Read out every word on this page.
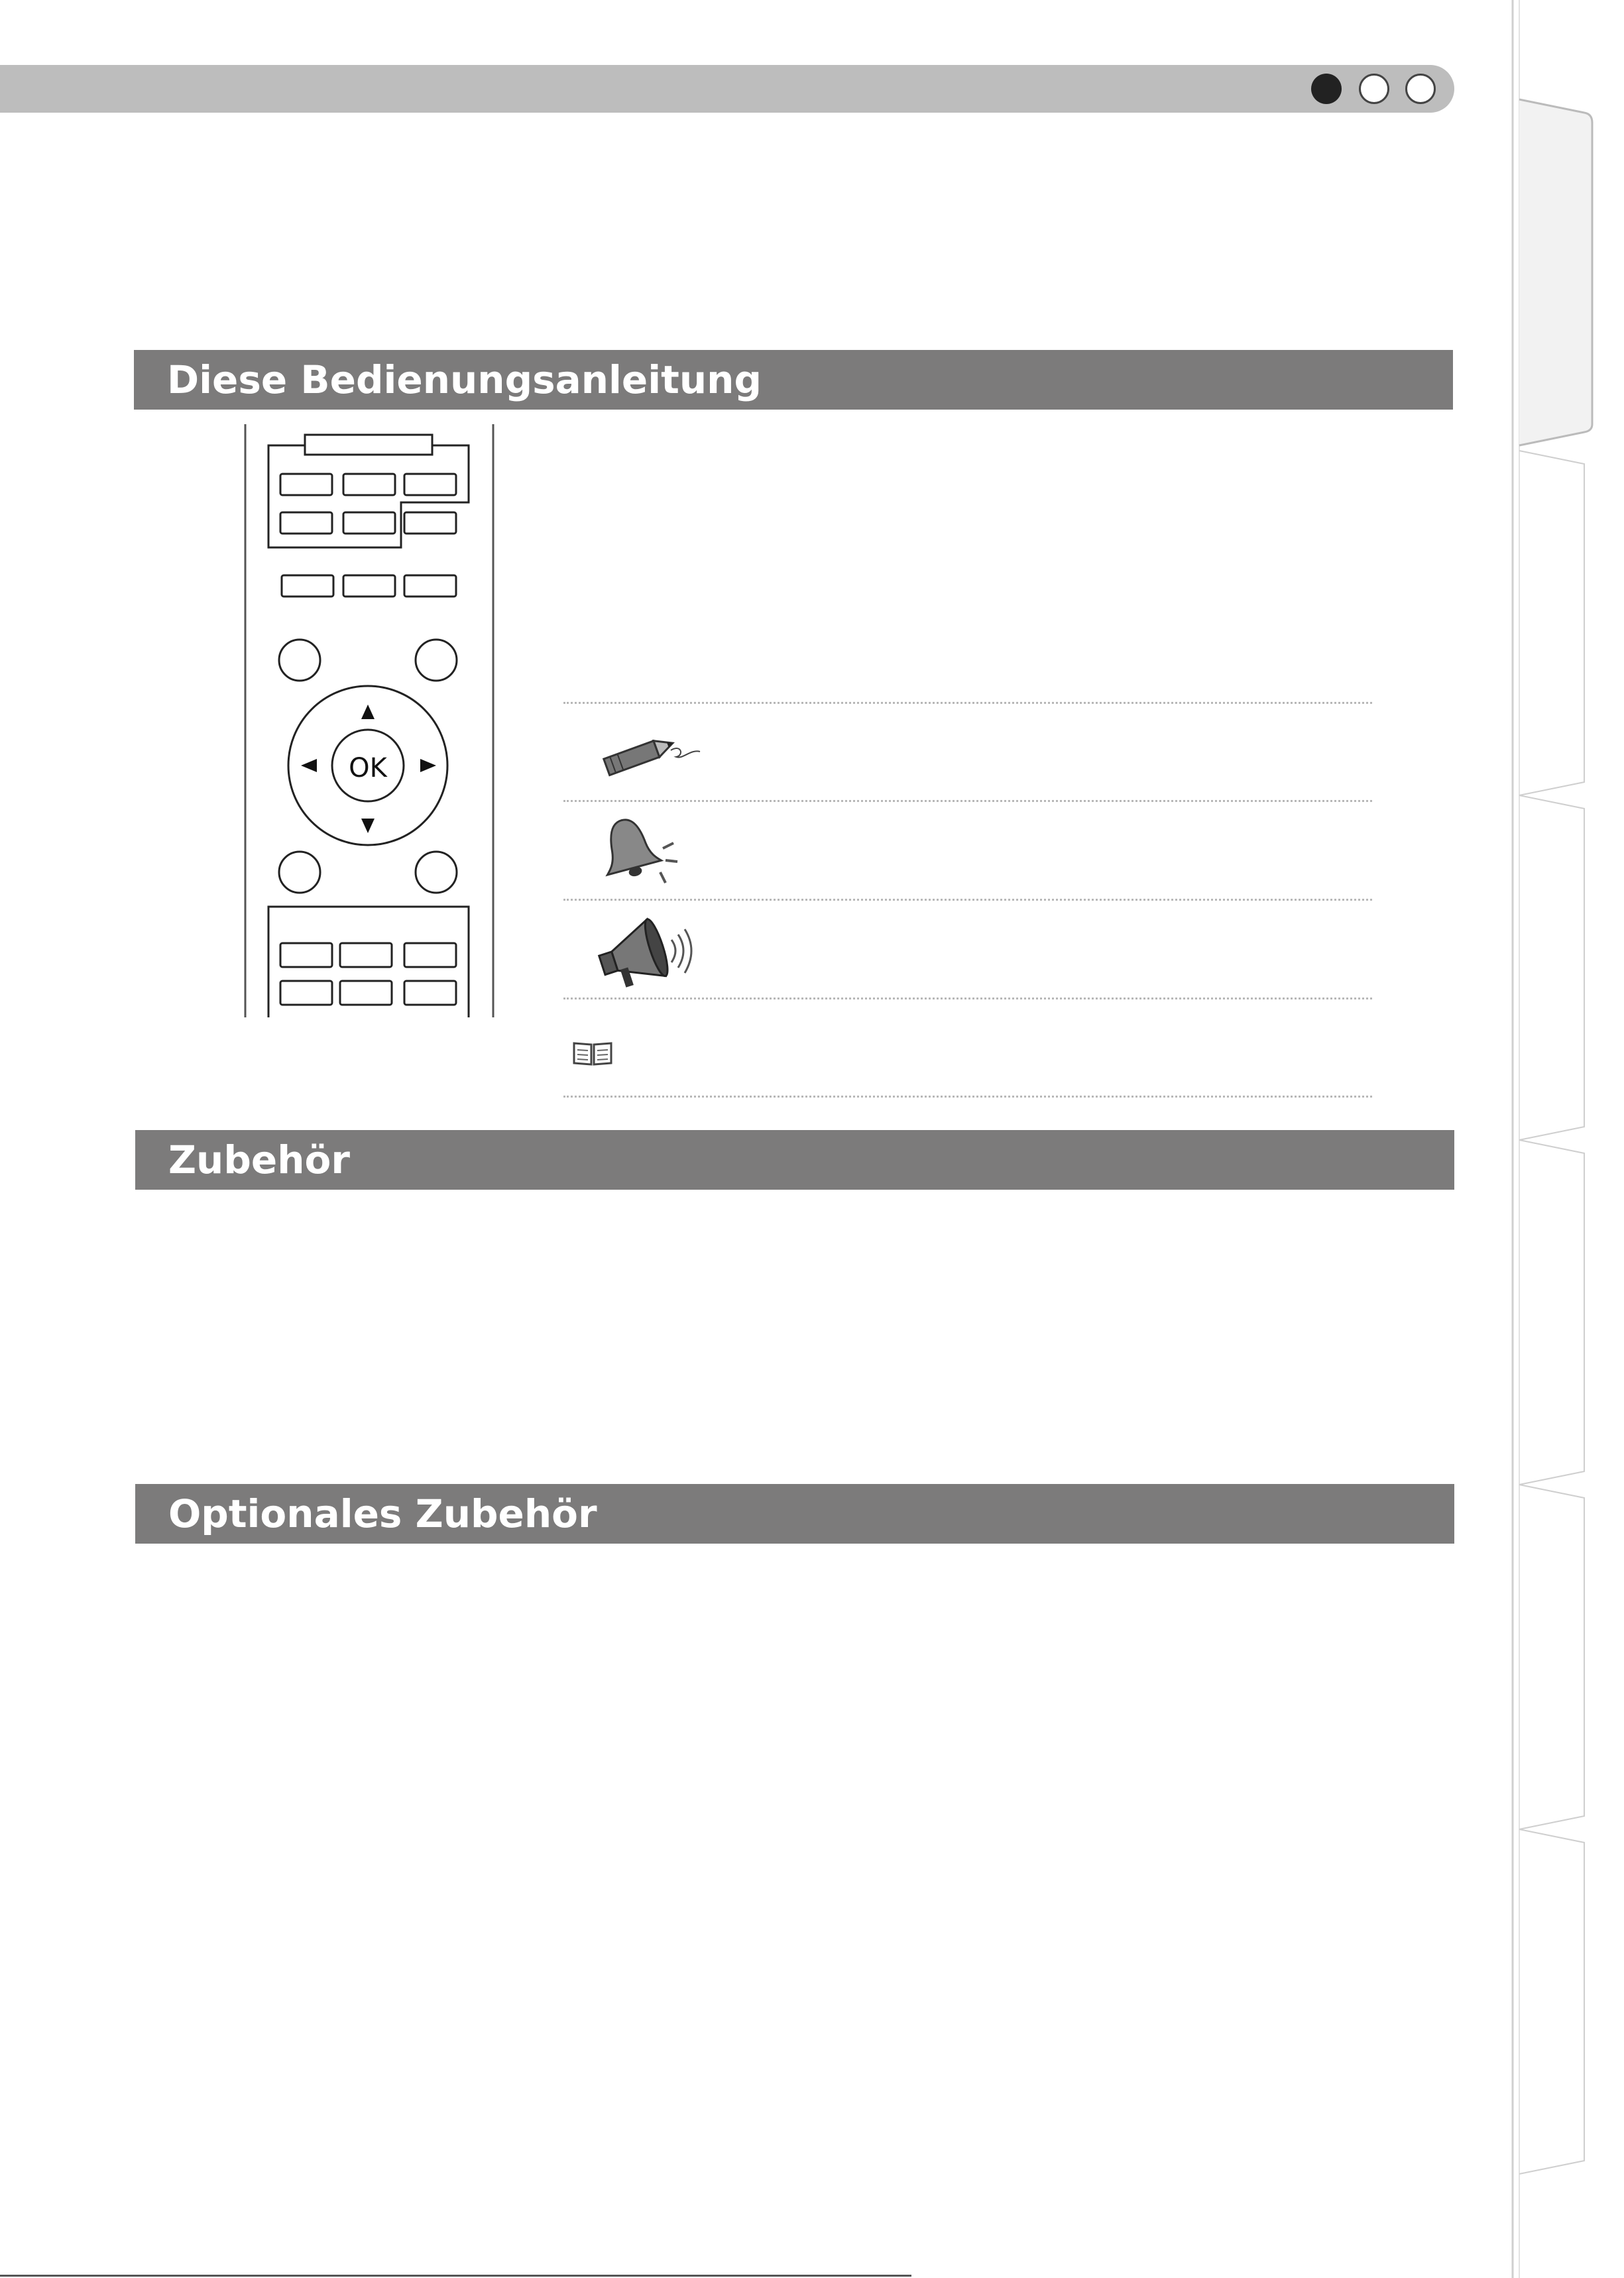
Diese Bedienungsanleitung
OK
Zubehör
Optionales Zubehör
